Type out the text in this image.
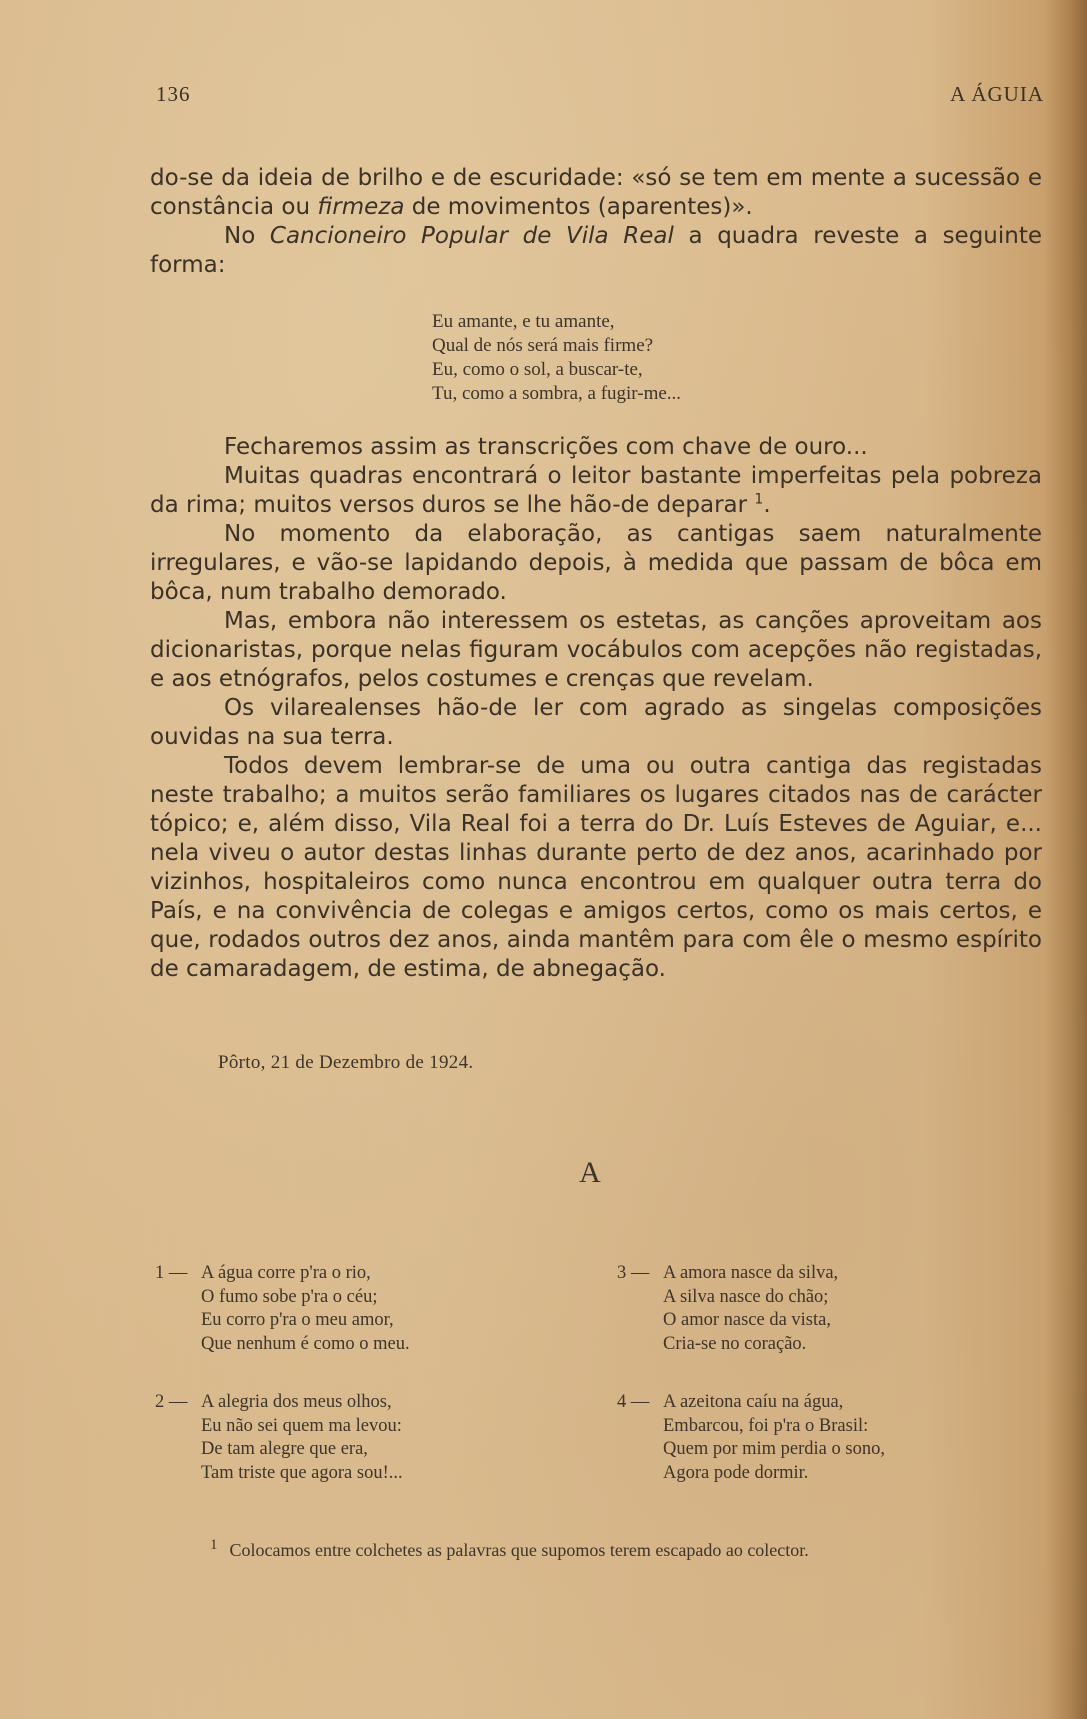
136	A ÁGUIA

do-se da ideia de brilho e de escuridade: «só se tem em mente a sucessão e constância ou firmeza de movimentos (aparentes)».

No Cancioneiro Popular de Vila Real a quadra reveste a seguinte forma:

Eu amante, e tu amante,
Qual de nós será mais firme?
Eu, como o sol, a buscar-te,
Tu, como a sombra, a fugir-me...

Fecharemos assim as transcrições com chave de ouro...

Muitas quadras encontrará o leitor bastante imperfeitas pela pobreza da rima; muitos versos duros se lhe hão-de deparar $^1$.

No momento da elaboração, as cantigas saem naturalmente irregulares, e vão-se lapidando depois, à medida que passam de bôca em bôca, num trabalho demorado.

Mas, embora não interessem os estetas, as canções aproveitam aos dicionaristas, porque nelas figuram vocábulos com acepções não registadas, e aos etnógrafos, pelos costumes e crenças que revelam.

Os vilarealenses hão-de ler com agrado as singelas composições ouvidas na sua terra.

Todos devem lembrar-se de uma ou outra cantiga das registadas neste trabalho; a muitos serão familiares os lugares citados nas de carácter tópico; e, além disso, Vila Real foi a terra do Dr. Luís Esteves de Aguiar, e... nela viveu o autor destas linhas durante perto de dez anos, acarinhado por vizinhos, hospitaleiros como nunca encontrou em qualquer outra terra do País, e na convivência de colegas e amigos certos, como os mais certos, e que, rodados outros dez anos, ainda mantêm para com êle o mesmo espírito de camaradagem, de estima, de abnegação.

Pôrto, 21 de Dezembro de 1924.
A
1 — A água corre p'ra o rio,
O fumo sobe p'ra o céu;
Eu corro p'ra o meu amor,
Que nenhum é como o meu.
2 — A alegria dos meus olhos,
Eu não sei quem ma levou:
De tam alegre que era,
Tam triste que agora sou!...
3 — A amora nasce da silva,
A silva nasce do chão;
O amor nasce da vista,
Cria-se no coração.
4 — A azeitona caíu na água,
Embarcou, foi p'ra o Brasil:
Quem por mim perdia o sono,
Agora pode dormir.
$^1$ Colocamos entre colchetes as palavras que supomos terem escapado ao colector.
